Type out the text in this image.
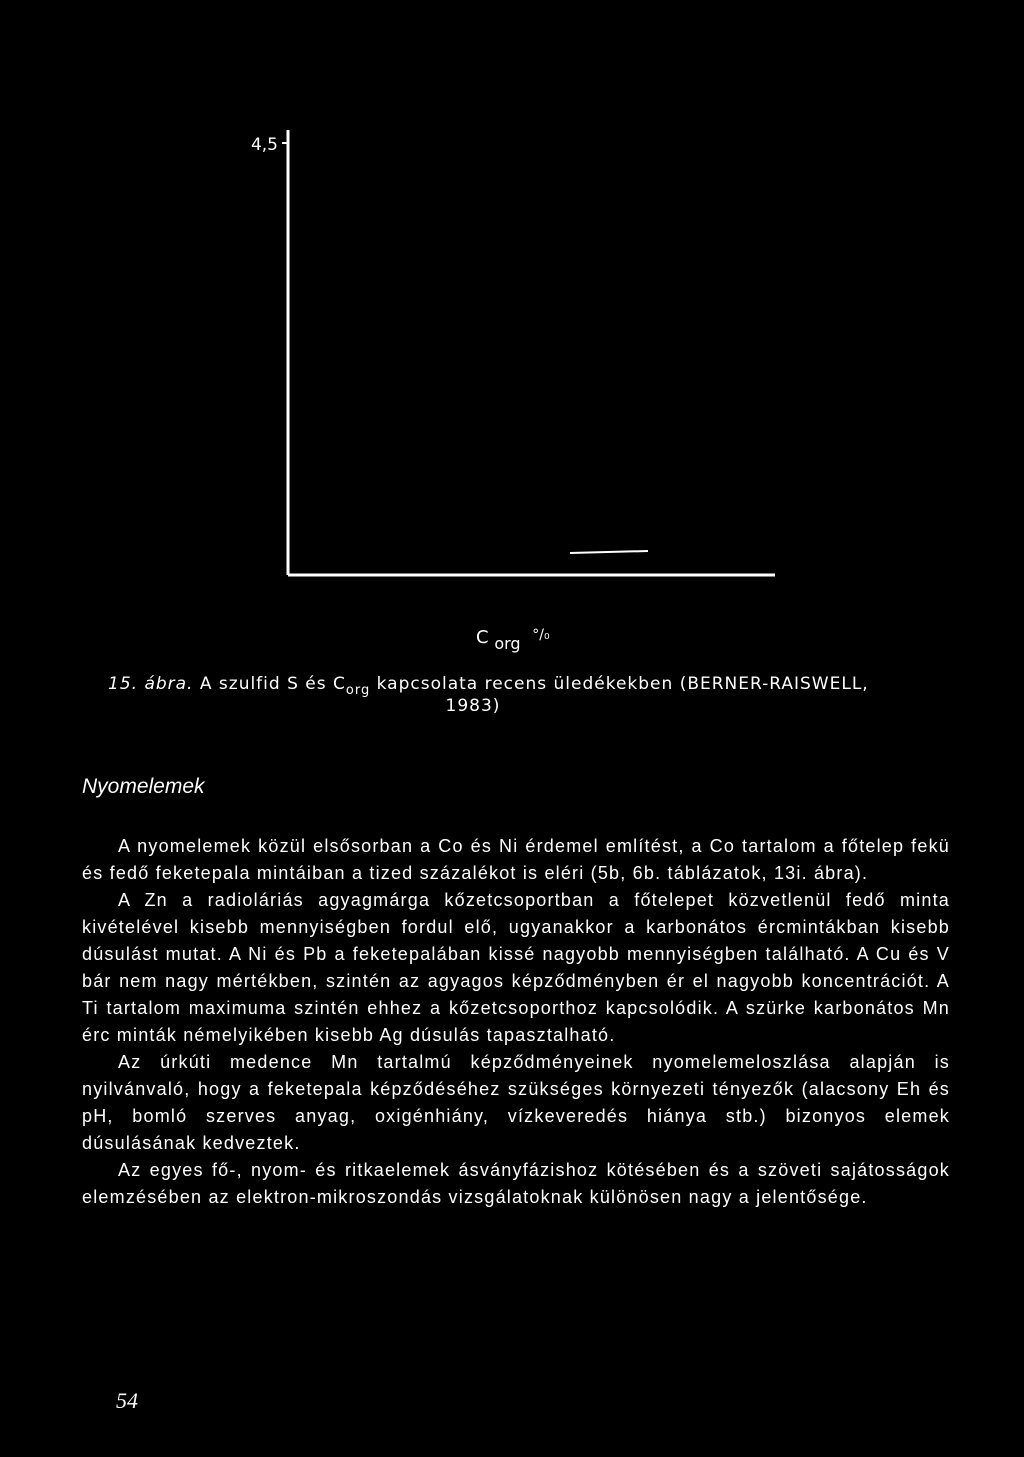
4,5
C org $^{^\circ/_0}$
15. ábra. A szulfid S és $C_{org}$ kapcsolata recens üledékekben (BERNER-RAISWELL,
1983)
Nyomelemek

A nyomelemek közül elsősorban a Co és Ni érdemel említést, a Co tartalom a főtelep fekü és fedő feketepala mintáiban a tized százalékot is eléri (5b, 6b. táblázatok, 13i. ábra).

A Zn a radioláriás agyagmárga kőzetcsoportban a főtelepet közvetlenül fedő minta kivételével kisebb mennyiségben fordul elő, ugyanakkor a karbonátos ércmintákban kisebb dúsulást mutat. A Ni és Pb a feketepalában kissé nagyobb mennyiségben található. A Cu és V bár nem nagy mértékben, szintén az agyagos képződményben ér el nagyobb koncentrációt. A Ti tartalom maximuma szintén ehhez a kőzetcsoporthoz kapcsolódik. A szürke karbonátos Mn érc minták némelyikében kisebb Ag dúsulás tapasztalható.

Az úrkúti medence Mn tartalmú képződményeinek nyomelemeloszlása alapján is nyilvánvaló, hogy a feketepala képződéséhez szükséges környezeti tényezők (alacsony Eh és pH, bomló szerves anyag, oxigénhiány, vízkeveredés hiánya stb.) bizonyos elemek dúsulásának kedveztek.

Az egyes fő-, nyom- és ritkaelemek ásványfázishoz kötésében és a szöveti sajátosságok elemzésében az elektron-mikroszondás vizsgálatoknak különösen nagy a jelentősége.

54
